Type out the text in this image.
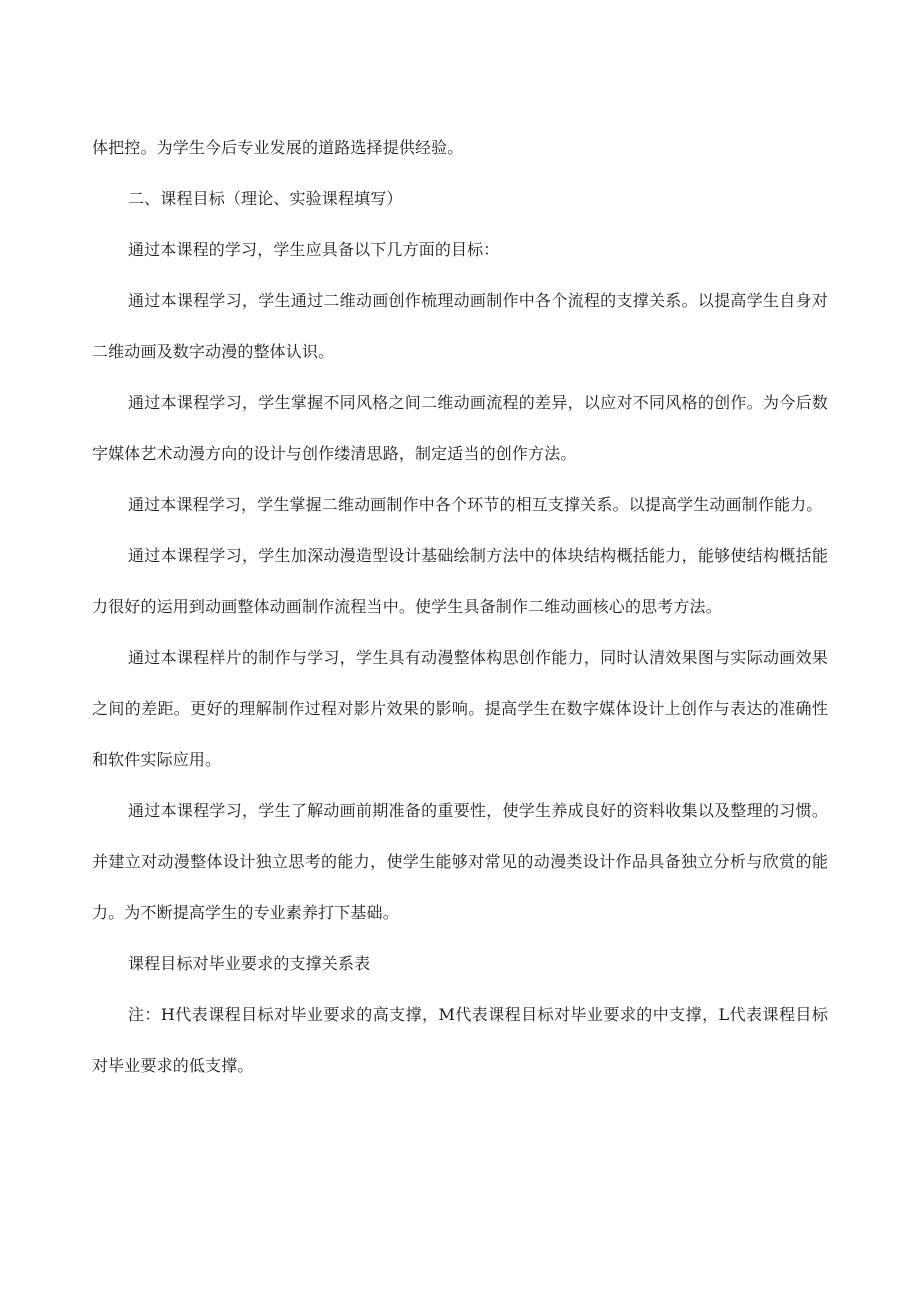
体把控。为学生今后专业发展的道路选择提供经验。

二、课程目标（理论、实验课程填写）

通过本课程的学习，学生应具备以下几方面的目标：

通过本课程学习，学生通过二维动画创作梳理动画制作中各个流程的支撑关系。以提高学生自身对二维动画及数字动漫的整体认识。

通过本课程学习，学生掌握不同风格之间二维动画流程的差异，以应对不同风格的创作。为今后数字媒体艺术动漫方向的设计与创作缕清思路，制定适当的创作方法。

通过本课程学习，学生掌握二维动画制作中各个环节的相互支撑关系。以提高学生动画制作能力。

通过本课程学习，学生加深动漫造型设计基础绘制方法中的体块结构概括能力，能够使结构概括能力很好的运用到动画整体动画制作流程当中。使学生具备制作二维动画核心的思考方法。

通过本课程样片的制作与学习，学生具有动漫整体构思创作能力，同时认清效果图与实际动画效果之间的差距。更好的理解制作过程对影片效果的影响。提高学生在数字媒体设计上创作与表达的准确性和软件实际应用。

通过本课程学习，学生了解动画前期准备的重要性，使学生养成良好的资料收集以及整理的习惯。并建立对动漫整体设计独立思考的能力，使学生能够对常见的动漫类设计作品具备独立分析与欣赏的能力。为不断提高学生的专业素养打下基础。

课程目标对毕业要求的支撑关系表

注：H代表课程目标对毕业要求的高支撑，M代表课程目标对毕业要求的中支撑，L代表课程目标对毕业要求的低支撑。
